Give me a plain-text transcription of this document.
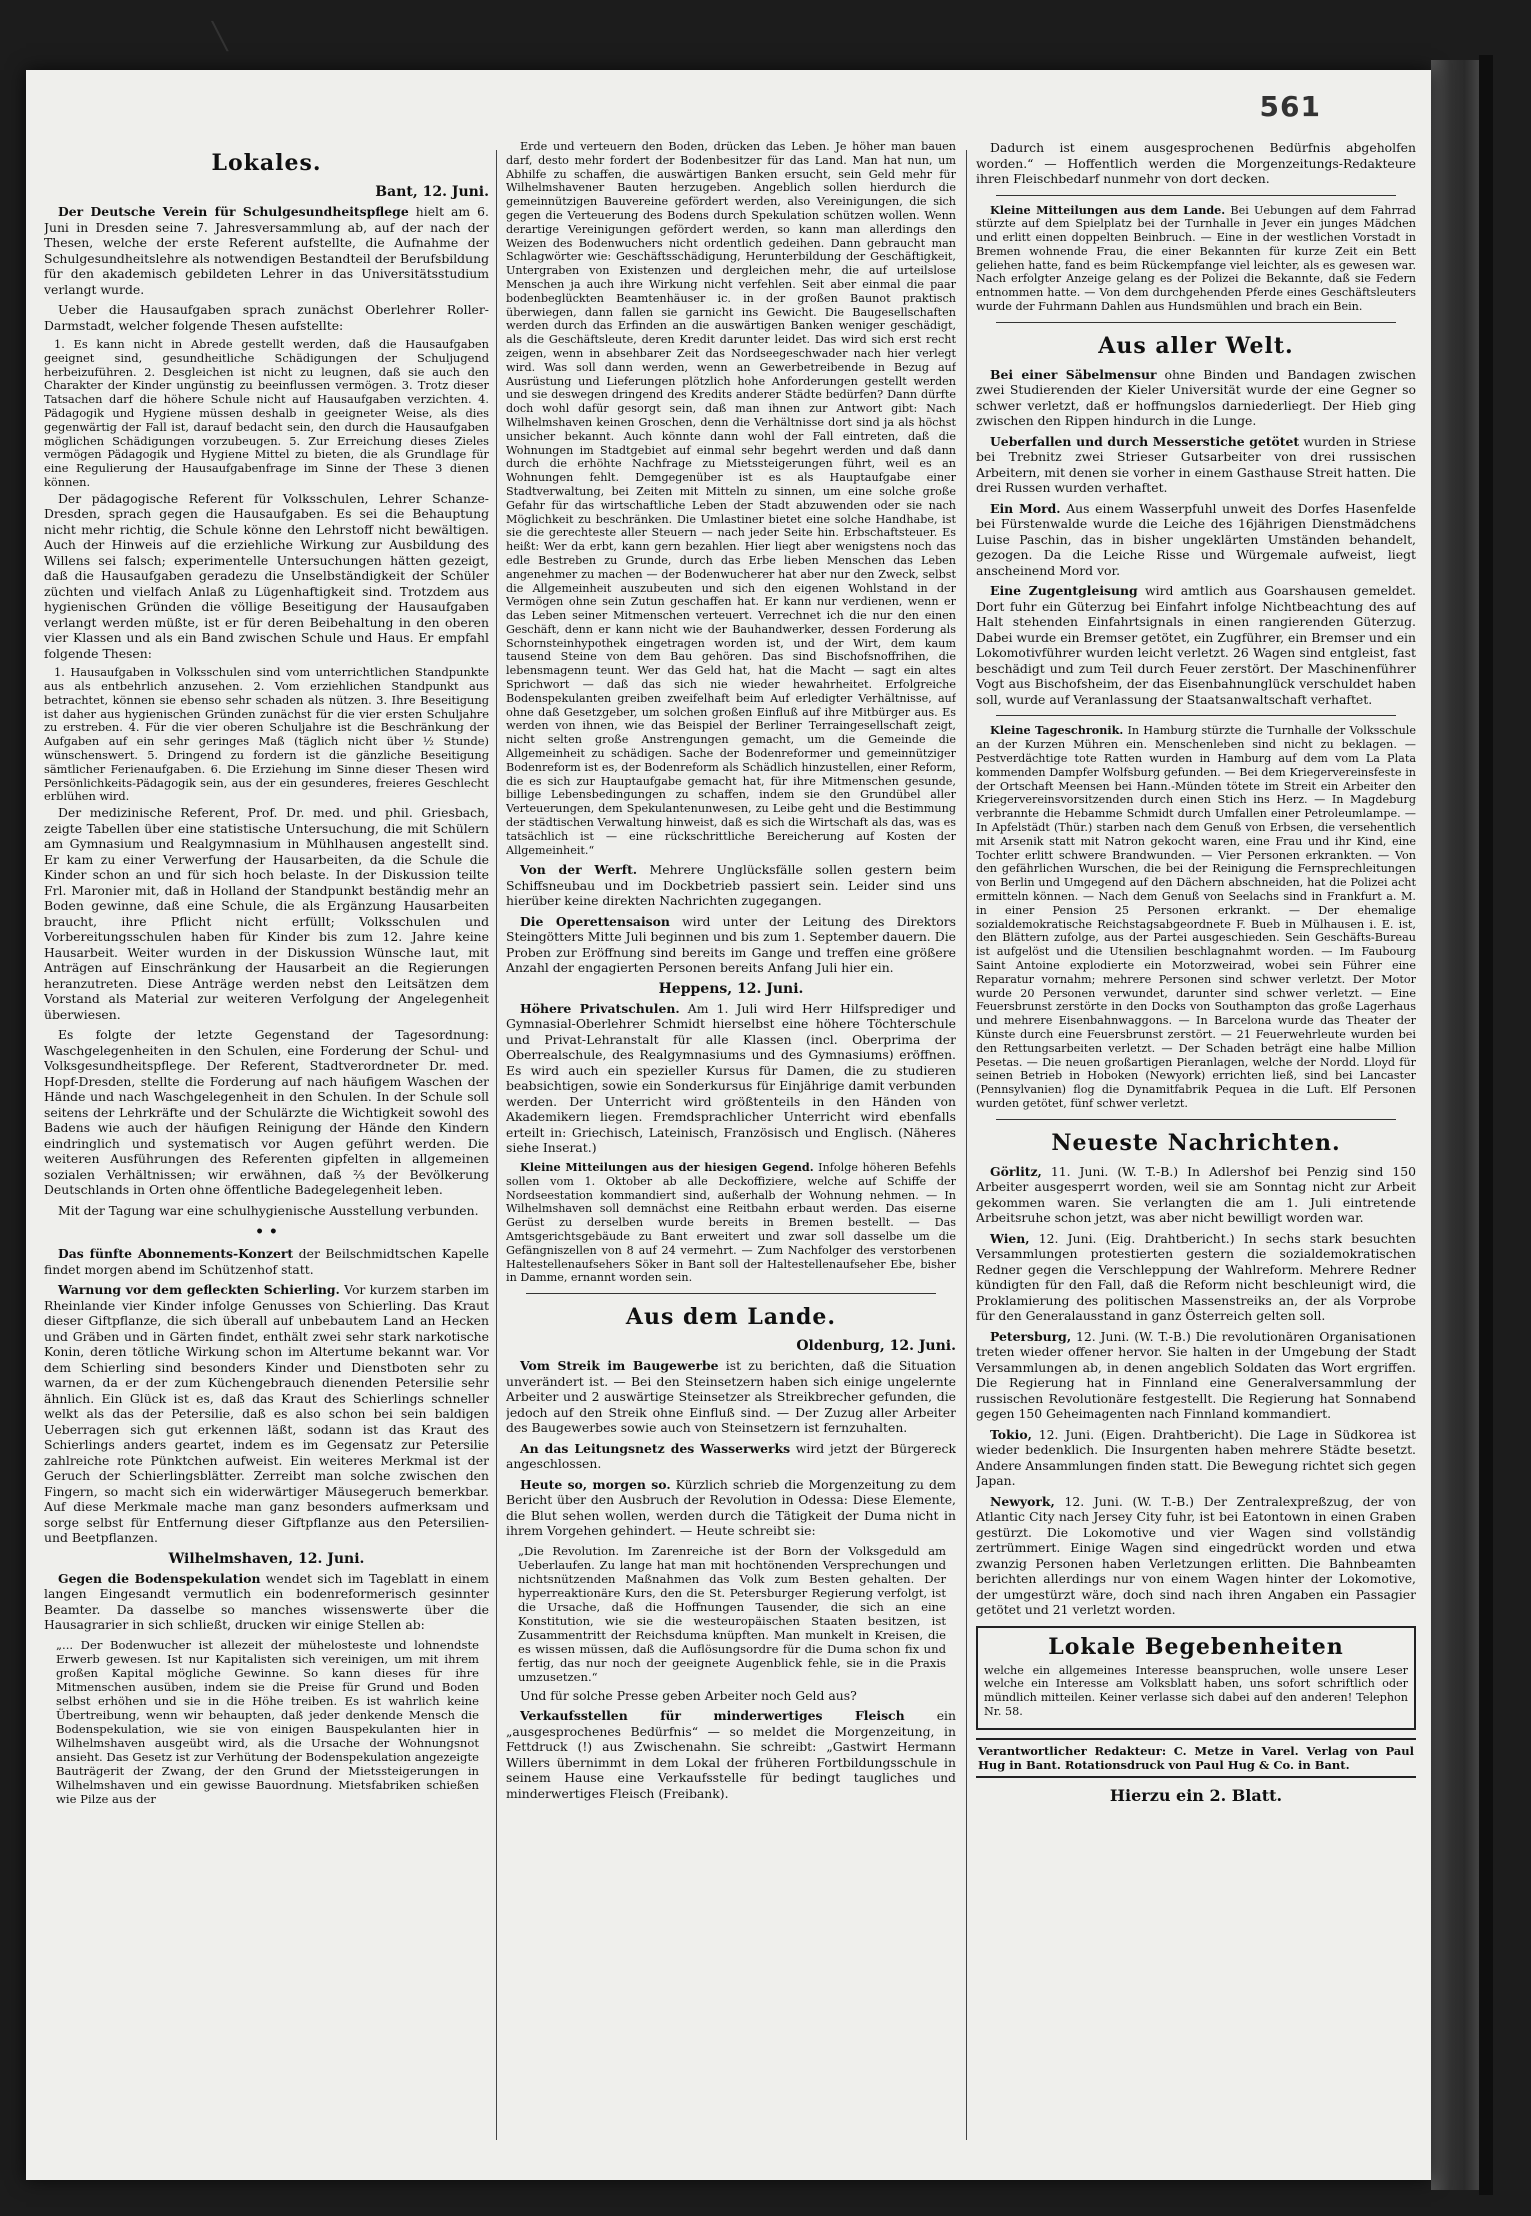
╲
561
Lokales.
Bant, 12. Juni.

Der Deutsche Verein für Schulgesundheitspflege hielt am 6. Juni in Dresden seine 7. Jahresversammlung ab, auf der nach der Thesen, welche der erste Referent aufstellte, die Aufnahme der Schulgesundheitslehre als notwendigen Bestandteil der Berufsbildung für den akademisch gebildeten Lehrer in das Universitätsstudium verlangt wurde.

Ueber die Hausaufgaben sprach zunächst Oberlehrer Roller-Darmstadt, welcher folgende Thesen aufstellte:

1. Es kann nicht in Abrede gestellt werden, daß die Hausaufgaben geeignet sind, gesundheitliche Schädigungen der Schuljugend herbeizuführen. 2. Desgleichen ist nicht zu leugnen, daß sie auch den Charakter der Kinder ungünstig zu beeinflussen vermögen. 3. Trotz dieser Tatsachen darf die höhere Schule nicht auf Hausaufgaben verzichten. 4. Pädagogik und Hygiene müssen deshalb in geeigneter Weise, als dies gegenwärtig der Fall ist, darauf bedacht sein, den durch die Hausaufgaben möglichen Schädigungen vorzubeugen. 5. Zur Erreichung dieses Zieles vermögen Pädagogik und Hygiene Mittel zu bieten, die als Grundlage für eine Regulierung der Hausaufgabenfrage im Sinne der These 3 dienen können.

Der pädagogische Referent für Volksschulen, Lehrer Schanze-Dresden, sprach gegen die Hausaufgaben. Es sei die Behauptung nicht mehr richtig, die Schule könne den Lehrstoff nicht bewältigen. Auch der Hinweis auf die erziehliche Wirkung zur Ausbildung des Willens sei falsch; experimentelle Untersuchungen hätten gezeigt, daß die Hausaufgaben geradezu die Unselbständigkeit der Schüler züchten und vielfach Anlaß zu Lügenhaftigkeit sind. Trotzdem aus hygienischen Gründen die völlige Beseitigung der Hausaufgaben verlangt werden müßte, ist er für deren Beibehaltung in den oberen vier Klassen und als ein Band zwischen Schule und Haus. Er empfahl folgende Thesen:

1. Hausaufgaben in Volksschulen sind vom unterrichtlichen Standpunkte aus als entbehrlich anzusehen. 2. Vom erziehlichen Standpunkt aus betrachtet, können sie ebenso sehr schaden als nützen. 3. Ihre Beseitigung ist daher aus hygienischen Gründen zunächst für die vier ersten Schuljahre zu erstreben. 4. Für die vier oberen Schuljahre ist die Beschränkung der Aufgaben auf ein sehr geringes Maß (täglich nicht über ½ Stunde) wünschenswert. 5. Dringend zu fordern ist die gänzliche Beseitigung sämtlicher Ferienaufgaben. 6. Die Erziehung im Sinne dieser Thesen wird Persönlichkeits-Pädagogik sein, aus der ein gesunderes, freieres Geschlecht erblühen wird.

Der medizinische Referent, Prof. Dr. med. und phil. Griesbach, zeigte Tabellen über eine statistische Untersuchung, die mit Schülern am Gymnasium und Realgymnasium in Mühlhausen angestellt sind. Er kam zu einer Verwerfung der Hausarbeiten, da die Schule die Kinder schon an und für sich hoch belaste. In der Diskussion teilte Frl. Maronier mit, daß in Holland der Standpunkt beständig mehr an Boden gewinne, daß eine Schule, die als Ergänzung Hausarbeiten braucht, ihre Pflicht nicht erfüllt; Volksschulen und Vorbereitungsschulen haben für Kinder bis zum 12. Jahre keine Hausarbeit. Weiter wurden in der Diskussion Wünsche laut, mit Anträgen auf Einschränkung der Hausarbeit an die Regierungen heranzutreten. Diese Anträge werden nebst den Leitsätzen dem Vorstand als Material zur weiteren Verfolgung der Angelegenheit überwiesen.

Es folgte der letzte Gegenstand der Tagesordnung: Waschgelegenheiten in den Schulen, eine Forderung der Schul- und Volksgesundheitspflege. Der Referent, Stadtverordneter Dr. med. Hopf-Dresden, stellte die Forderung auf nach häufigem Waschen der Hände und nach Waschgelegenheit in den Schulen. In der Schule soll seitens der Lehrkräfte und der Schulärzte die Wichtigkeit sowohl des Badens wie auch der häufigen Reinigung der Hände den Kindern eindringlich und systematisch vor Augen geführt werden. Die weiteren Ausführungen des Referenten gipfelten in allgemeinen sozialen Verhältnissen; wir erwähnen, daß ⅔ der Bevölkerung Deutschlands in Orten ohne öffentliche Badegelegenheit leben.

Mit der Tagung war eine schulhygienische Ausstellung verbunden.

• •

Das fünfte Abonnements-Konzert der Beilschmidtschen Kapelle findet morgen abend im Schützenhof statt.

Warnung vor dem gefleckten Schierling. Vor kurzem starben im Rheinlande vier Kinder infolge Genusses von Schierling. Das Kraut dieser Giftpflanze, die sich überall auf unbebautem Land an Hecken und Gräben und in Gärten findet, enthält zwei sehr stark narkotische Konin, deren tötliche Wirkung schon im Altertume bekannt war. Vor dem Schierling sind besonders Kinder und Dienstboten sehr zu warnen, da er der zum Küchengebrauch dienenden Petersilie sehr ähnlich. Ein Glück ist es, daß das Kraut des Schierlings schneller welkt als das der Petersilie, daß es also schon bei sein baldigen Ueberragen sich gut erkennen läßt, sodann ist das Kraut des Schierlings anders geartet, indem es im Gegensatz zur Petersilie zahlreiche rote Pünktchen aufweist. Ein weiteres Merkmal ist der Geruch der Schierlingsblätter. Zerreibt man solche zwischen den Fingern, so macht sich ein widerwärtiger Mäusegeruch bemerkbar. Auf diese Merkmale mache man ganz besonders aufmerksam und sorge selbst für Entfernung dieser Giftpflanze aus den Petersilien- und Beetpflanzen.

Wilhelmshaven, 12. Juni.

Gegen die Bodenspekulation wendet sich im Tageblatt in einem langen Eingesandt vermutlich ein bodenreformerisch gesinnter Beamter. Da dasselbe so manches wissenswerte über die Hausagrarier in sich schließt, drucken wir einige Stellen ab:

„... Der Bodenwucher ist allezeit der mühelosteste und lohnendste Erwerb gewesen. Ist nur Kapitalisten sich vereinigen, um mit ihrem großen Kapital mögliche Gewinne. So kann dieses für ihre Mitmenschen ausüben, indem sie die Preise für Grund und Boden selbst erhöhen und sie in die Höhe treiben. Es ist wahrlich keine Übertreibung, wenn wir behaupten, daß jeder denkende Mensch die Bodenspekulation, wie sie von einigen Bauspekulanten hier in Wilhelmshaven ausgeübt wird, als die Ursache der Wohnungsnot ansieht. Das Gesetz ist zur Verhütung der Bodenspekulation angezeigte Bauträgerit der Zwang, der den Grund der Mietssteigerungen in Wilhelmshaven und ein gewisse Bauordnung. Mietsfabriken schießen wie Pilze aus der

Erde und verteuern den Boden, drücken das Leben. Je höher man bauen darf, desto mehr fordert der Bodenbesitzer für das Land. Man hat nun, um Abhilfe zu schaffen, die auswärtigen Banken ersucht, sein Geld mehr für Wilhelmshavener Bauten herzugeben. Angeblich sollen hierdurch die gemeinnützigen Bauvereine gefördert werden, also Vereinigungen, die sich gegen die Verteuerung des Bodens durch Spekulation schützen wollen. Wenn derartige Vereinigungen gefördert werden, so kann man allerdings den Weizen des Bodenwuchers nicht ordentlich gedeihen. Dann gebraucht man Schlagwörter wie: Geschäftsschädigung, Herunterbildung der Geschäftigkeit, Untergraben von Existenzen und dergleichen mehr, die auf urteilslose Menschen ja auch ihre Wirkung nicht verfehlen. Seit aber einmal die paar bodenbeglückten Beamtenhäuser ic. in der großen Baunot praktisch überwiegen, dann fallen sie garnicht ins Gewicht. Die Baugesellschaften werden durch das Erfinden an die auswärtigen Banken weniger geschädigt, als die Geschäftsleute, deren Kredit darunter leidet. Das wird sich erst recht zeigen, wenn in absehbarer Zeit das Nordseegeschwader nach hier verlegt wird. Was soll dann werden, wenn an Gewerbetreibende in Bezug auf Ausrüstung und Lieferungen plötzlich hohe Anforderungen gestellt werden und sie deswegen dringend des Kredits anderer Städte bedürfen? Dann dürfte doch wohl dafür gesorgt sein, daß man ihnen zur Antwort gibt: Nach Wilhelmshaven keinen Groschen, denn die Verhältnisse dort sind ja als höchst unsicher bekannt. Auch könnte dann wohl der Fall eintreten, daß die Wohnungen im Stadtgebiet auf einmal sehr begehrt werden und daß dann durch die erhöhte Nachfrage zu Mietssteigerungen führt, weil es an Wohnungen fehlt. Demgegenüber ist es als Hauptaufgabe einer Stadtverwaltung, bei Zeiten mit Mitteln zu sinnen, um eine solche große Gefahr für das wirtschaftliche Leben der Stadt abzuwenden oder sie nach Möglichkeit zu beschränken. Die Umlastiner bietet eine solche Handhabe, ist sie die gerechteste aller Steuern — nach jeder Seite hin. Erbschaftsteuer. Es heißt: Wer da erbt, kann gern bezahlen. Hier liegt aber wenigstens noch das edle Bestreben zu Grunde, durch das Erbe lieben Menschen das Leben angenehmer zu machen — der Bodenwucherer hat aber nur den Zweck, selbst die Allgemeinheit auszubeuten und sich den eigenen Wohlstand in der Vermögen ohne sein Zutun geschaffen hat. Er kann nur verdienen, wenn er das Leben seiner Mitmenschen verteuert. Verrechnet ich die nur den einen Geschäft, denn er kann nicht wie der Bauhandwerker, dessen Forderung als Schornsteinhypothek eingetragen worden ist, und der Wirt, dem kaum tausend Steine von dem Bau gehören. Das sind Bischofsnoffrihen, die lebensmagenn teunt. Wer das Geld hat, hat die Macht — sagt ein altes Sprichwort — daß das sich nie wieder hewahrheitet. Erfolgreiche Bodenspekulanten greiben zweifelhaft beim Auf erledigter Verhältnisse, auf ohne daß Gesetzgeber, um solchen großen Einfluß auf ihre Mitbürger aus. Es werden von ihnen, wie das Beispiel der Berliner Terraingesellschaft zeigt, nicht selten große Anstrengungen gemacht, um die Gemeinde die Allgemeinheit zu schädigen. Sache der Bodenreformer und gemeinnütziger Bodenreform ist es, der Bodenreform als Schädlich hinzustellen, einer Reform, die es sich zur Hauptaufgabe gemacht hat, für ihre Mitmenschen gesunde, billige Lebensbedingungen zu schaffen, indem sie den Grundübel aller Verteuerungen, dem Spekulantenunwesen, zu Leibe geht und die Bestimmung der städtischen Verwaltung hinweist, daß es sich die Wirtschaft als das, was es tatsächlich ist — eine rückschrittliche Bereicherung auf Kosten der Allgemeinheit.“

Von der Werft. Mehrere Unglücksfälle sollen gestern beim Schiffsneubau und im Dockbetrieb passiert sein. Leider sind uns hierüber keine direkten Nachrichten zugegangen.

Die Operettensaison wird unter der Leitung des Direktors Steingötters Mitte Juli beginnen und bis zum 1. September dauern. Die Proben zur Eröffnung sind bereits im Gange und treffen eine größere Anzahl der engagierten Personen bereits Anfang Juli hier ein.

Heppens, 12. Juni.

Höhere Privatschulen. Am 1. Juli wird Herr Hilfsprediger und Gymnasial-Oberlehrer Schmidt hierselbst eine höhere Töchterschule und Privat-Lehranstalt für alle Klassen (incl. Oberprima der Oberrealschule, des Realgymnasiums und des Gymnasiums) eröffnen. Es wird auch ein spezieller Kursus für Damen, die zu studieren beabsichtigen, sowie ein Sonderkursus für Einjährige damit verbunden werden. Der Unterricht wird größtenteils in den Händen von Akademikern liegen. Fremdsprachlicher Unterricht wird ebenfalls erteilt in: Griechisch, Lateinisch, Französisch und Englisch. (Näheres siehe Inserat.)

Kleine Mitteilungen aus der hiesigen Gegend. Infolge höheren Befehls sollen vom 1. Oktober ab alle Deckoffiziere, welche auf Schiffe der Nordseestation kommandiert sind, außerhalb der Wohnung nehmen. — In Wilhelmshaven soll demnächst eine Reitbahn erbaut werden. Das eiserne Gerüst zu derselben wurde bereits in Bremen bestellt. — Das Amtsgerichtsgebäude zu Bant erweitert und zwar soll dasselbe um die Gefängniszellen von 8 auf 24 vermehrt. — Zum Nachfolger des verstorbenen Haltestellenaufsehers Söker in Bant soll der Haltestellenaufseher Ebe, bisher in Damme, ernannt worden sein.

Aus dem Lande.
Oldenburg, 12. Juni.

Vom Streik im Baugewerbe ist zu berichten, daß die Situation unverändert ist. — Bei den Steinsetzern haben sich einige ungelernte Arbeiter und 2 auswärtige Steinsetzer als Streikbrecher gefunden, die jedoch auf den Streik ohne Einfluß sind. — Der Zuzug aller Arbeiter des Baugewerbes sowie auch von Steinsetzern ist fernzuhalten.

An das Leitungsnetz des Wasserwerks wird jetzt der Bürgereck angeschlossen.

Heute so, morgen so. Kürzlich schrieb die Morgenzeitung zu dem Bericht über den Ausbruch der Revolution in Odessa: Diese Elemente, die Blut sehen wollen, werden durch die Tätigkeit der Duma nicht in ihrem Vorgehen gehindert. — Heute schreibt sie:

„Die Revolution. Im Zarenreiche ist der Born der Volksgeduld am Ueberlaufen. Zu lange hat man mit hochtönenden Versprechungen und nichtsnützenden Maßnahmen das Volk zum Besten gehalten. Der hyperreaktionäre Kurs, den die St. Petersburger Regierung verfolgt, ist die Ursache, daß die Hoffnungen Tausender, die sich an eine Konstitution, wie sie die westeuropäischen Staaten besitzen, ist Zusammentritt der Reichsduma knüpften. Man munkelt in Kreisen, die es wissen müssen, daß die Auflösungsordre für die Duma schon fix und fertig, das nur noch der geeignete Augenblick fehle, sie in die Praxis umzusetzen.“

Und für solche Presse geben Arbeiter noch Geld aus?

Verkaufsstellen für minderwertiges Fleisch ein „ausgesprochenes Bedürfnis“ — so meldet die Morgenzeitung, in Fettdruck (!) aus Zwischenahn. Sie schreibt: „Gastwirt Hermann Willers übernimmt in dem Lokal der früheren Fortbildungsschule in seinem Hause eine Verkaufsstelle für bedingt taugliches und minderwertiges Fleisch (Freibank).

Dadurch ist einem ausgesprochenen Bedürfnis abgeholfen worden.“ — Hoffentlich werden die Morgenzeitungs-Redakteure ihren Fleischbedarf nunmehr von dort decken.

Kleine Mitteilungen aus dem Lande. Bei Uebungen auf dem Fahrrad stürzte auf dem Spielplatz bei der Turnhalle in Jever ein junges Mädchen und erlitt einen doppelten Beinbruch. — Eine in der westlichen Vorstadt in Bremen wohnende Frau, die einer Bekannten für kurze Zeit ein Bett geliehen hatte, fand es beim Rückempfange viel leichter, als es gewesen war. Nach erfolgter Anzeige gelang es der Polizei die Bekannte, daß sie Federn entnommen hatte. — Von dem durchgehenden Pferde eines Geschäftsleuters wurde der Fuhrmann Dahlen aus Hundsmühlen und brach ein Bein.

Aus aller Welt.

Bei einer Säbelmensur ohne Binden und Bandagen zwischen zwei Studierenden der Kieler Universität wurde der eine Gegner so schwer verletzt, daß er hoffnungslos darniederliegt. Der Hieb ging zwischen den Rippen hindurch in die Lunge.

Ueberfallen und durch Messerstiche getötet wurden in Striese bei Trebnitz zwei Strieser Gutsarbeiter von drei russischen Arbeitern, mit denen sie vorher in einem Gasthause Streit hatten. Die drei Russen wurden verhaftet.

Ein Mord. Aus einem Wasserpfuhl unweit des Dorfes Hasenfelde bei Fürstenwalde wurde die Leiche des 16jährigen Dienstmädchens Luise Paschin, das in bisher ungeklärten Umständen behandelt, gezogen. Da die Leiche Risse und Würgemale aufweist, liegt anscheinend Mord vor.

Eine Zugentgleisung wird amtlich aus Goarshausen gemeldet. Dort fuhr ein Güterzug bei Einfahrt infolge Nichtbeachtung des auf Halt stehenden Einfahrtsignals in einen rangierenden Güterzug. Dabei wurde ein Bremser getötet, ein Zugführer, ein Bremser und ein Lokomotivführer wurden leicht verletzt. 26 Wagen sind entgleist, fast beschädigt und zum Teil durch Feuer zerstört. Der Maschinenführer Vogt aus Bischofsheim, der das Eisenbahnunglück verschuldet haben soll, wurde auf Veranlassung der Staatsanwaltschaft verhaftet.

Kleine Tageschronik. In Hamburg stürzte die Turnhalle der Volksschule an der Kurzen Mühren ein. Menschenleben sind nicht zu beklagen. — Pestverdächtige tote Ratten wurden in Hamburg auf dem vom La Plata kommenden Dampfer Wolfsburg gefunden. — Bei dem Kriegervereinsfeste in der Ortschaft Meensen bei Hann.-Münden tötete im Streit ein Arbeiter den Kriegervereinsvorsitzenden durch einen Stich ins Herz. — In Magdeburg verbrannte die Hebamme Schmidt durch Umfallen einer Petroleumlampe. — In Apfelstädt (Thür.) starben nach dem Genuß von Erbsen, die versehentlich mit Arsenik statt mit Natron gekocht waren, eine Frau und ihr Kind, eine Tochter erlitt schwere Brandwunden. — Vier Personen erkrankten. — Von den gefährlichen Wurschen, die bei der Reinigung die Fernsprechleitungen von Berlin und Umgegend auf den Dächern abschneiden, hat die Polizei acht ermitteln können. — Nach dem Genuß von Seelachs sind in Frankfurt a. M. in einer Pension 25 Personen erkrankt. — Der ehemalige sozialdemokratische Reichstagsabgeordnete F. Bueb in Mülhausen i. E. ist, den Blättern zufolge, aus der Partei ausgeschieden. Sein Geschäfts-Bureau ist aufgelöst und die Utensilien beschlagnahmt worden. — Im Faubourg Saint Antoine explodierte ein Motorzweirad, wobei sein Führer eine Reparatur vornahm; mehrere Personen sind schwer verletzt. Der Motor wurde 20 Personen verwundet, darunter sind schwer verletzt. — Eine Feuersbrunst zerstörte in den Docks von Southampton das große Lagerhaus und mehrere Eisenbahnwaggons. — In Barcelona wurde das Theater der Künste durch eine Feuersbrunst zerstört. — 21 Feuerwehrleute wurden bei den Rettungsarbeiten verletzt. — Der Schaden beträgt eine halbe Million Pesetas. — Die neuen großartigen Pieranlagen, welche der Nordd. Lloyd für seinen Betrieb in Hoboken (Newyork) errichten ließ, sind bei Lancaster (Pennsylvanien) flog die Dynamitfabrik Pequea in die Luft. Elf Personen wurden getötet, fünf schwer verletzt.

Neueste Nachrichten.

Görlitz, 11. Juni. (W. T.-B.) In Adlershof bei Penzig sind 150 Arbeiter ausgesperrt worden, weil sie am Sonntag nicht zur Arbeit gekommen waren. Sie verlangten die am 1. Juli eintretende Arbeitsruhe schon jetzt, was aber nicht bewilligt worden war.

Wien, 12. Juni. (Eig. Drahtbericht.) In sechs stark besuchten Versammlungen protestierten gestern die sozialdemokratischen Redner gegen die Verschleppung der Wahlreform. Mehrere Redner kündigten für den Fall, daß die Reform nicht beschleunigt wird, die Proklamierung des politischen Massenstreiks an, der als Vorprobe für den Generalausstand in ganz Österreich gelten soll.

Petersburg, 12. Juni. (W. T.-B.) Die revolutionären Organisationen treten wieder offener hervor. Sie halten in der Umgebung der Stadt Versammlungen ab, in denen angeblich Soldaten das Wort ergriffen. Die Regierung hat in Finnland eine Generalversammlung der russischen Revolutionäre festgestellt. Die Regierung hat Sonnabend gegen 150 Geheimagenten nach Finnland kommandiert.

Tokio, 12. Juni. (Eigen. Drahtbericht). Die Lage in Südkorea ist wieder bedenklich. Die Insurgenten haben mehrere Städte besetzt. Andere Ansammlungen finden statt. Die Bewegung richtet sich gegen Japan.

Newyork, 12. Juni. (W. T.-B.) Der Zentralexpreßzug, der von Atlantic City nach Jersey City fuhr, ist bei Eatontown in einen Graben gestürzt. Die Lokomotive und vier Wagen sind vollständig zertrümmert. Einige Wagen sind eingedrückt worden und etwa zwanzig Personen haben Verletzungen erlitten. Die Bahnbeamten berichten allerdings nur von einem Wagen hinter der Lokomotive, der umgestürzt wäre, doch sind nach ihren Angaben ein Passagier getötet und 21 verletzt worden.

Lokale Begebenheiten

welche ein allgemeines Interesse beanspruchen, wolle unsere Leser welche ein Interesse am Volksblatt haben, uns sofort schriftlich oder mündlich mitteilen. Keiner verlasse sich dabei auf den anderen! Telephon Nr. 58.

Verantwortlicher Redakteur: C. Metze in Varel. Verlag von Paul Hug in Bant. Rotationsdruck von Paul Hug & Co. in Bant.
Hierzu ein 2. Blatt.
